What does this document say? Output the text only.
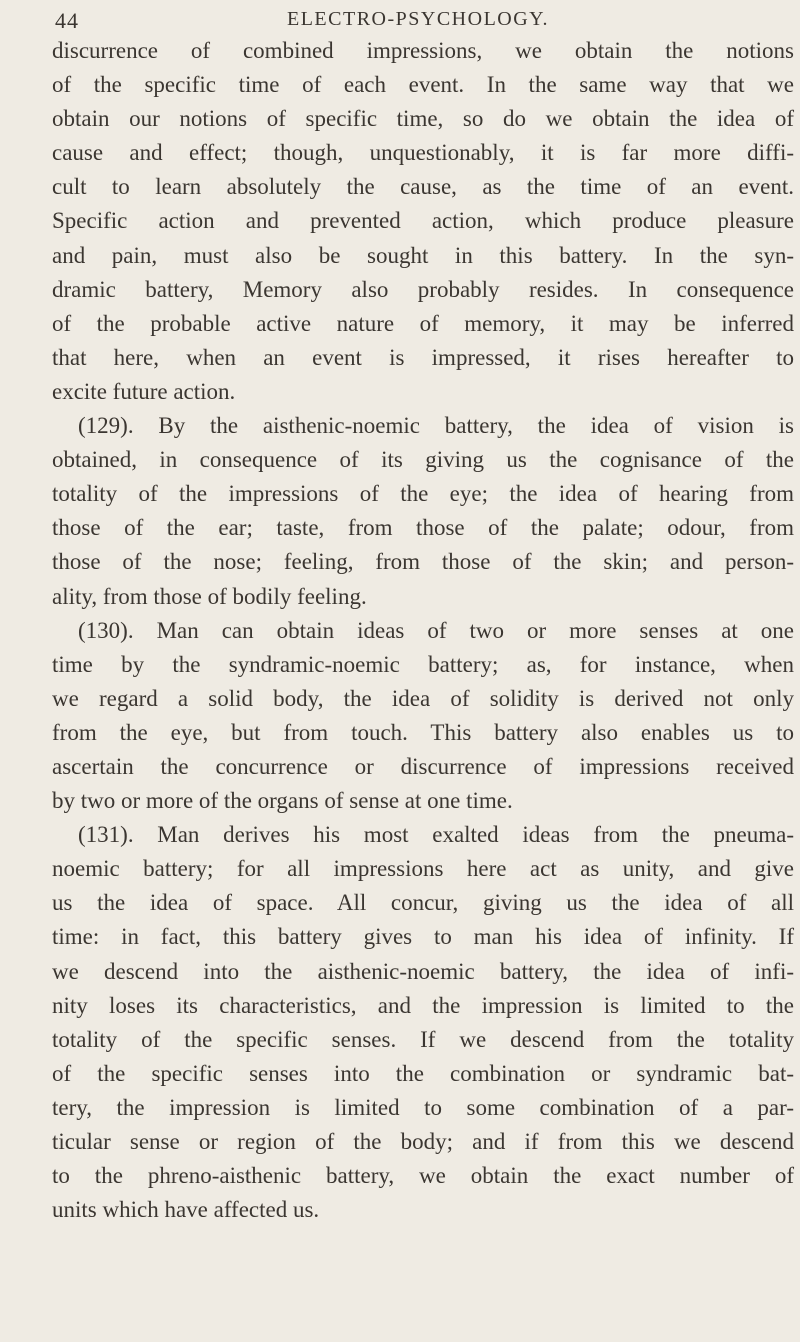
44	ELECTRO-PSYCHOLOGY.
discurrence of combined impressions, we obtain the notions
of the specific time of each event. In the same way that we
obtain our notions of specific time, so do we obtain the idea of
cause and effect; though, unquestionably, it is far more diffi-
cult to learn absolutely the cause, as the time of an event.
Specific action and prevented action, which produce pleasure
and pain, must also be sought in this battery. In the syn-
dramic battery, Memory also probably resides. In consequence
of the probable active nature of memory, it may be inferred
that here, when an event is impressed, it rises hereafter to
excite future action.
(129). By the aisthenic-noemic battery, the idea of vision is
obtained, in consequence of its giving us the cognisance of the
totality of the impressions of the eye; the idea of hearing from
those of the ear; taste, from those of the palate; odour, from
those of the nose; feeling, from those of the skin; and person-
ality, from those of bodily feeling.
(130). Man can obtain ideas of two or more senses at one
time by the syndramic-noemic battery; as, for instance, when
we regard a solid body, the idea of solidity is derived not only
from the eye, but from touch. This battery also enables us to
ascertain the concurrence or discurrence of impressions received
by two or more of the organs of sense at one time.
(131). Man derives his most exalted ideas from the pneuma-
noemic battery; for all impressions here act as unity, and give
us the idea of space. All concur, giving us the idea of all
time: in fact, this battery gives to man his idea of infinity. If
we descend into the aisthenic-noemic battery, the idea of infi-
nity loses its characteristics, and the impression is limited to the
totality of the specific senses. If we descend from the totality
of the specific senses into the combination or syndramic bat-
tery, the impression is limited to some combination of a par-
ticular sense or region of the body; and if from this we descend
to the phreno-aisthenic battery, we obtain the exact number of
units which have affected us.
